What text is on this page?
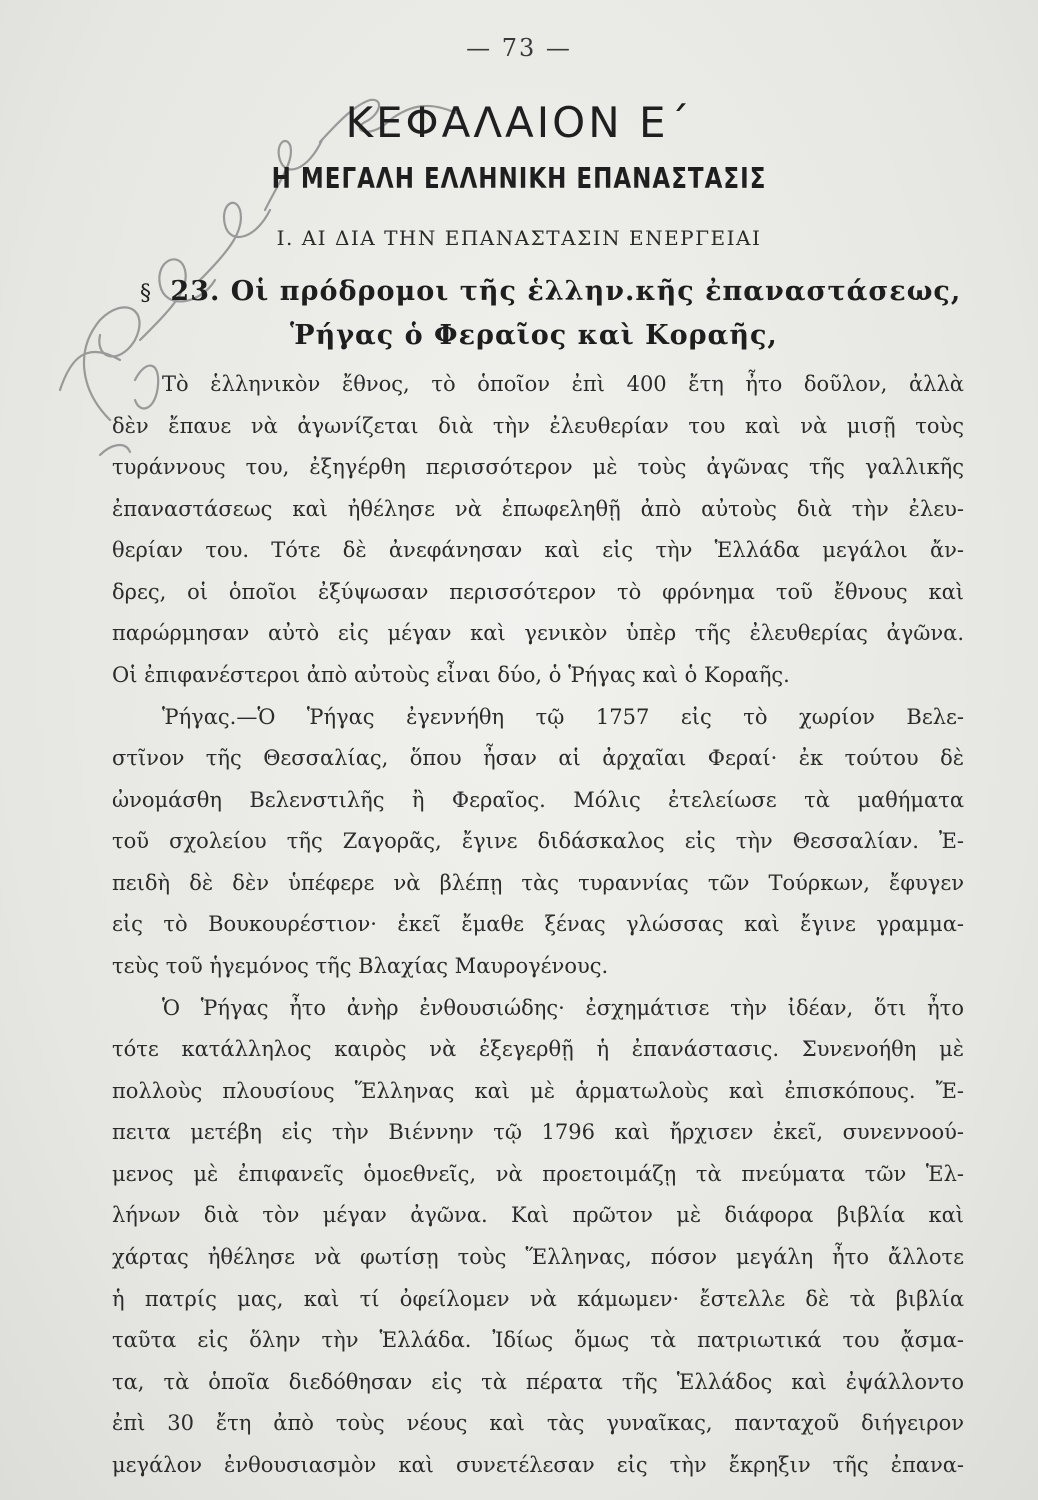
— 73 —
ΚΕΦΑΛΑΙΟΝ Ε΄
Η ΜΕΓΑΛΗ ΕΛΛΗΝΙΚΗ ΕΠΑΝΑΣΤΑΣΙΣ
Ι. ΑΙ ΔΙΑ ΤΗΝ ΕΠΑΝΑΣΤΑΣΙΝ ΕΝΕΡΓΕΙΑΙ
§ 23. Οἱ πρόδρομοι τῆς ἑλλην.κῆς ἐπαναστάσεως,
Ῥήγας ὁ Φεραῖος καὶ Κοραῆς,
Τὸ ἑλληνικὸν ἔθνος, τὸ ὁποῖον ἐπὶ 400 ἔτη ἦτο δοῦλον, ἀλλὰ
δὲν ἔπαυε νὰ ἀγωνίζεται διὰ τὴν ἐλευθερίαν του καὶ νὰ μισῇ τοὺς
τυράννους του, ἐξηγέρθη περισσότερον μὲ τοὺς ἀγῶνας τῆς γαλλικῆς
ἐπαναστάσεως καὶ ἠθέλησε νὰ ἐπωφεληθῇ ἀπὸ αὐτοὺς διὰ τὴν ἐλευ-
θερίαν του. Τότε δὲ ἀνεφάνησαν καὶ εἰς τὴν Ἑλλάδα μεγάλοι ἄν-
δρες, οἱ ὁποῖοι ἐξύψωσαν περισσότερον τὸ φρόνημα τοῦ ἔθνους καὶ
παρώρμησαν αὐτὸ εἰς μέγαν καὶ γενικὸν ὑπὲρ τῆς ἐλευθερίας ἀγῶνα.
Οἱ ἐπιφανέστεροι ἀπὸ αὐτοὺς εἶναι δύο, ὁ Ῥήγας καὶ ὁ Κοραῆς.
Ῥήγας.—Ὁ Ῥήγας ἐγεννήθη τῷ 1757 εἰς τὸ χωρίον Βελε-
στῖνον τῆς Θεσσαλίας, ὅπου ἦσαν αἱ ἀρχαῖαι Φεραί· ἐκ τούτου δὲ
ὠνομάσθη Βελενστιλῆς ἢ Φεραῖος. Μόλις ἐτελείωσε τὰ μαθήματα
τοῦ σχολείου τῆς Ζαγορᾶς, ἔγινε διδάσκαλος εἰς τὴν Θεσσαλίαν. Ἐ-
πειδὴ δὲ δὲν ὑπέφερε νὰ βλέπῃ τὰς τυραννίας τῶν Τούρκων, ἔφυγεν
εἰς τὸ Βουκουρέστιον· ἐκεῖ ἔμαθε ξένας γλώσσας καὶ ἔγινε γραμμα-
τεὺς τοῦ ἡγεμόνος τῆς Βλαχίας Μαυρογένους.
Ὁ Ῥήγας ἦτο ἀνὴρ ἐνθουσιώδης· ἐσχημάτισε τὴν ἰδέαν, ὅτι ἦτο
τότε κατάλληλος καιρὸς νὰ ἐξεγερθῇ ἡ ἐπανάστασις. Συνενοήθη μὲ
πολλοὺς πλουσίους Ἕλληνας καὶ μὲ ἁρματωλοὺς καὶ ἐπισκόπους. Ἔ-
πειτα μετέβη εἰς τὴν Βιέννην τῷ 1796 καὶ ἤρχισεν ἐκεῖ, συνεννοού-
μενος μὲ ἐπιφανεῖς ὁμοεθνεῖς, νὰ προετοιμάζῃ τὰ πνεύματα τῶν Ἑλ-
λήνων διὰ τὸν μέγαν ἀγῶνα. Καὶ πρῶτον μὲ διάφορα βιβλία καὶ
χάρτας ἠθέλησε νὰ φωτίσῃ τοὺς Ἕλληνας, πόσον μεγάλη ἦτο ἄλλοτε
ἡ πατρίς μας, καὶ τί ὀφείλομεν νὰ κάμωμεν· ἔστελλε δὲ τὰ βιβλία
ταῦτα εἰς ὅλην τὴν Ἑλλάδα. Ἰδίως ὅμως τὰ πατριωτικά του ᾄσμα-
τα, τὰ ὁποῖα διεδόθησαν εἰς τὰ πέρατα τῆς Ἑλλάδος καὶ ἐψάλλοντο
ἐπὶ 30 ἔτη ἀπὸ τοὺς νέους καὶ τὰς γυναῖκας, πανταχοῦ διήγειρον
μεγάλον ἐνθουσιασμὸν καὶ συνετέλεσαν εἰς τὴν ἔκρηξιν τῆς ἐπανα-
